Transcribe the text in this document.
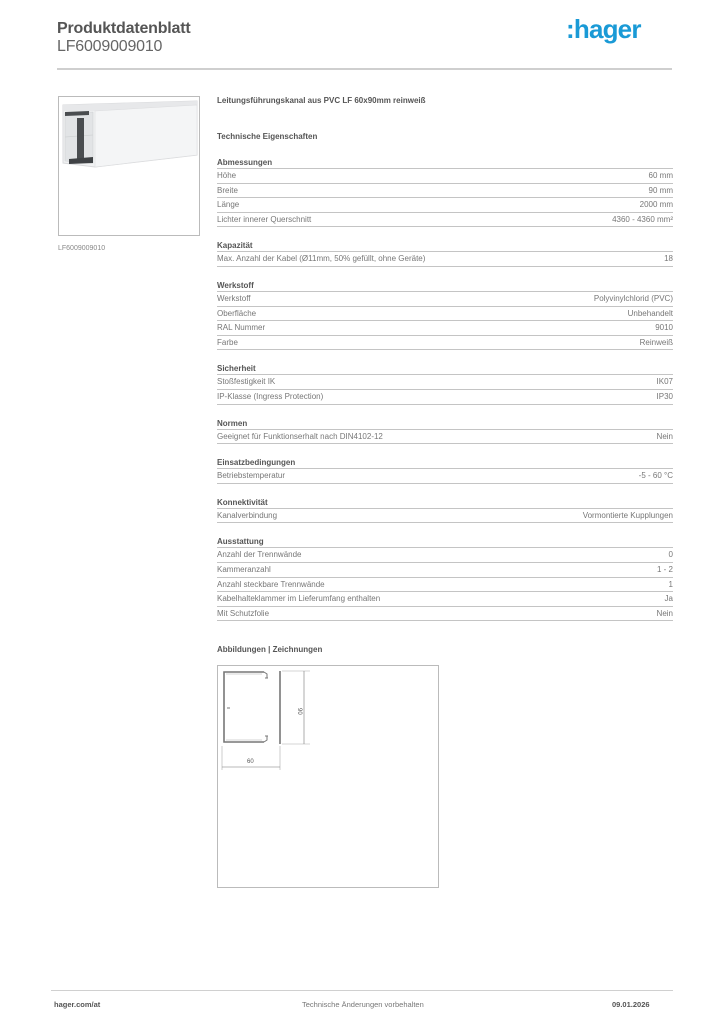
Produktdatenblatt
LF6009009010
:hager
LF6009009010
Leitungsführungskanal aus PVC LF 60x90mm reinweiß
Technische Eigenschaften
Abmessungen
Höhe	60 mm
Breite	90 mm
Länge	2000 mm
Lichter innerer Querschnitt	4360 - 4360 mm²
Kapazität
Max. Anzahl der Kabel (Ø11mm, 50% gefüllt, ohne Geräte)	18
Werkstoff
Werkstoff	Polyvinylchlorid (PVC)
Oberfläche	Unbehandelt
RAL Nummer	9010
Farbe	Reinweiß
Sicherheit
Stoßfestigkeit IK	IK07
IP-Klasse (Ingress Protection)	IP30
Normen
Geeignet für Funktionserhalt nach DIN4102-12	Nein
Einsatzbedingungen
Betriebstemperatur	-5 - 60 °C
Konnektivität
Kanalverbindung	Vormontierte Kupplungen
Ausstattung
Anzahl der Trennwände	0
Kammeranzahl	1 - 2
Anzahl steckbare Trennwände	1
Kabelhalteklammer im Lieferumfang enthalten	Ja
Mit Schutzfolie	Nein
Abbildungen | Zeichnungen
90
60
hager.com/at	Technische Änderungen vorbehalten	09.01.2026
